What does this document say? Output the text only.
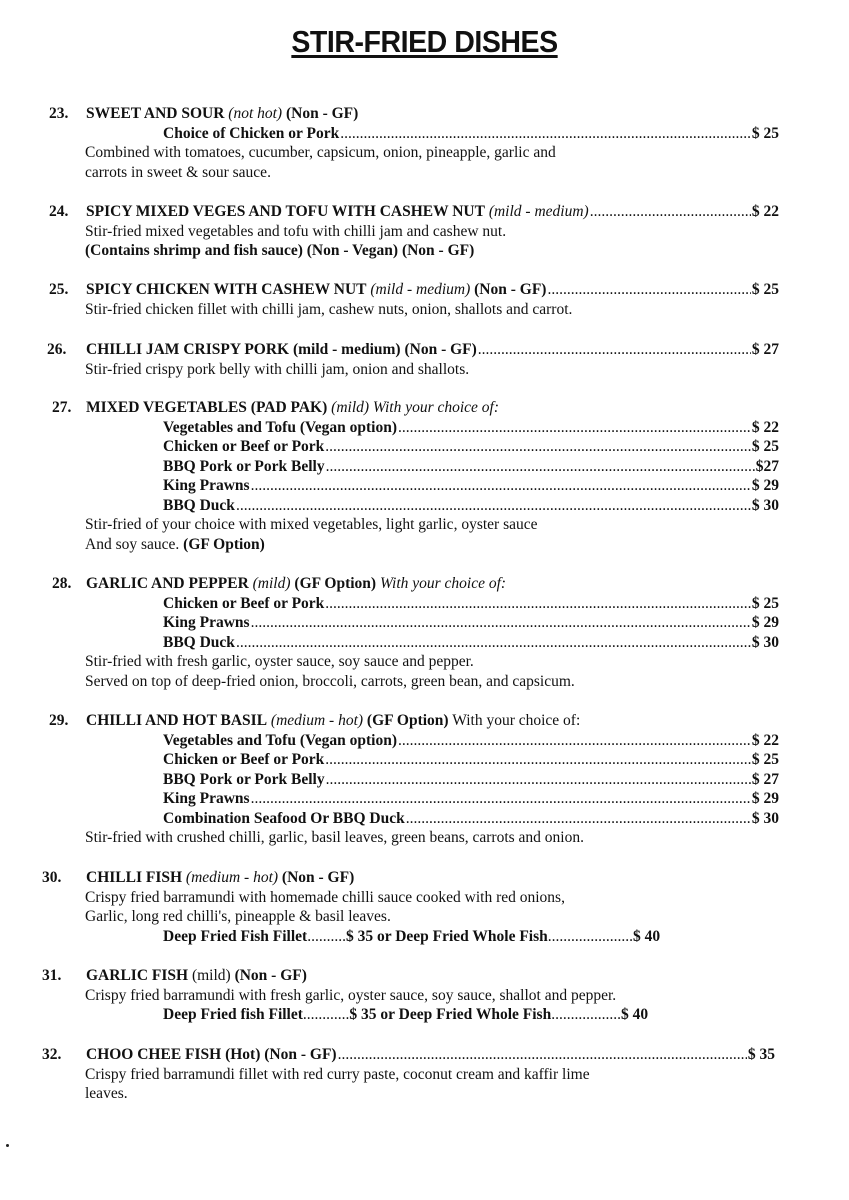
STIR-FRIED DISHES
23. SWEET AND SOUR (not hot) (Non - GF)
Choice of Chicken or Pork .....	$ 25
Combined with tomatoes, cucumber, capsicum, onion, pineapple, garlic and
carrots in sweet & sour sauce.
24. SPICY MIXED VEGES AND TOFU WITH CASHEW NUT
(mild - medium) .....	$ 22
Stir-fried mixed vegetables and tofu with chilli jam and cashew nut.
(Contains shrimp and fish sauce) (Non - Vegan) (Non - GF)
25. SPICY CHICKEN WITH CASHEW NUT
(mild - medium)
(Non - GF) .....	$ 25
Stir-fried chicken fillet with chilli jam, cashew nuts, onion, shallots and carrot.
26. CHILLI JAM CRISPY PORK (mild - medium) (Non - GF) .....	$ 27
Stir-fried crispy pork belly with chilli jam, onion and shallots.
27. MIXED VEGETABLES (PAD PAK) (mild) With your choice of:
Vegetables and Tofu (Vegan option) .....	$ 22
Chicken or Beef or Pork .....	$ 25
BBQ Pork or Pork Belly .....	$27
King Prawns .....	$ 29
BBQ Duck .....	$ 30
Stir-fried of your choice with mixed vegetables, light garlic, oyster sauce
And soy sauce. (GF Option)
28. GARLIC AND PEPPER (mild) (GF Option) With your choice of:
Chicken or Beef or Pork .....	$ 25
King Prawns .....	$ 29
BBQ Duck .....	$ 30
Stir-fried with fresh garlic, oyster sauce, soy sauce and pepper.
Served on top of deep-fried onion, broccoli, carrots, green bean, and capsicum.
29. CHILLI AND HOT BASIL (medium - hot) (GF Option) With your choice of:
Vegetables and Tofu (Vegan option) .....	$ 22
Chicken or Beef or Pork .....	$ 25
BBQ Pork or Pork Belly .....	$ 27
King Prawns .....	$ 29
Combination Seafood Or BBQ Duck .....	$ 30
Stir-fried with crushed chilli, garlic, basil leaves, green beans, carrots and onion.
30. CHILLI FISH (medium - hot) (Non - GF)
Crispy fried barramundi with homemade chilli sauce cooked with red onions,
Garlic, long red chilli's, pineapple & basil leaves.
Deep Fried Fish Fillet..........$ 35 or Deep Fried Whole Fish......................$ 40
31. GARLIC FISH (mild) (Non - GF)
Crispy fried barramundi with fresh garlic, oyster sauce, soy sauce, shallot and pepper.
Deep Fried fish Fillet............$ 35 or Deep Fried Whole Fish..................$ 40
32. CHOO CHEE FISH (Hot) (Non - GF) .....	$ 35
Crispy fried barramundi fillet with red curry paste, coconut cream and kaffir lime
leaves.
